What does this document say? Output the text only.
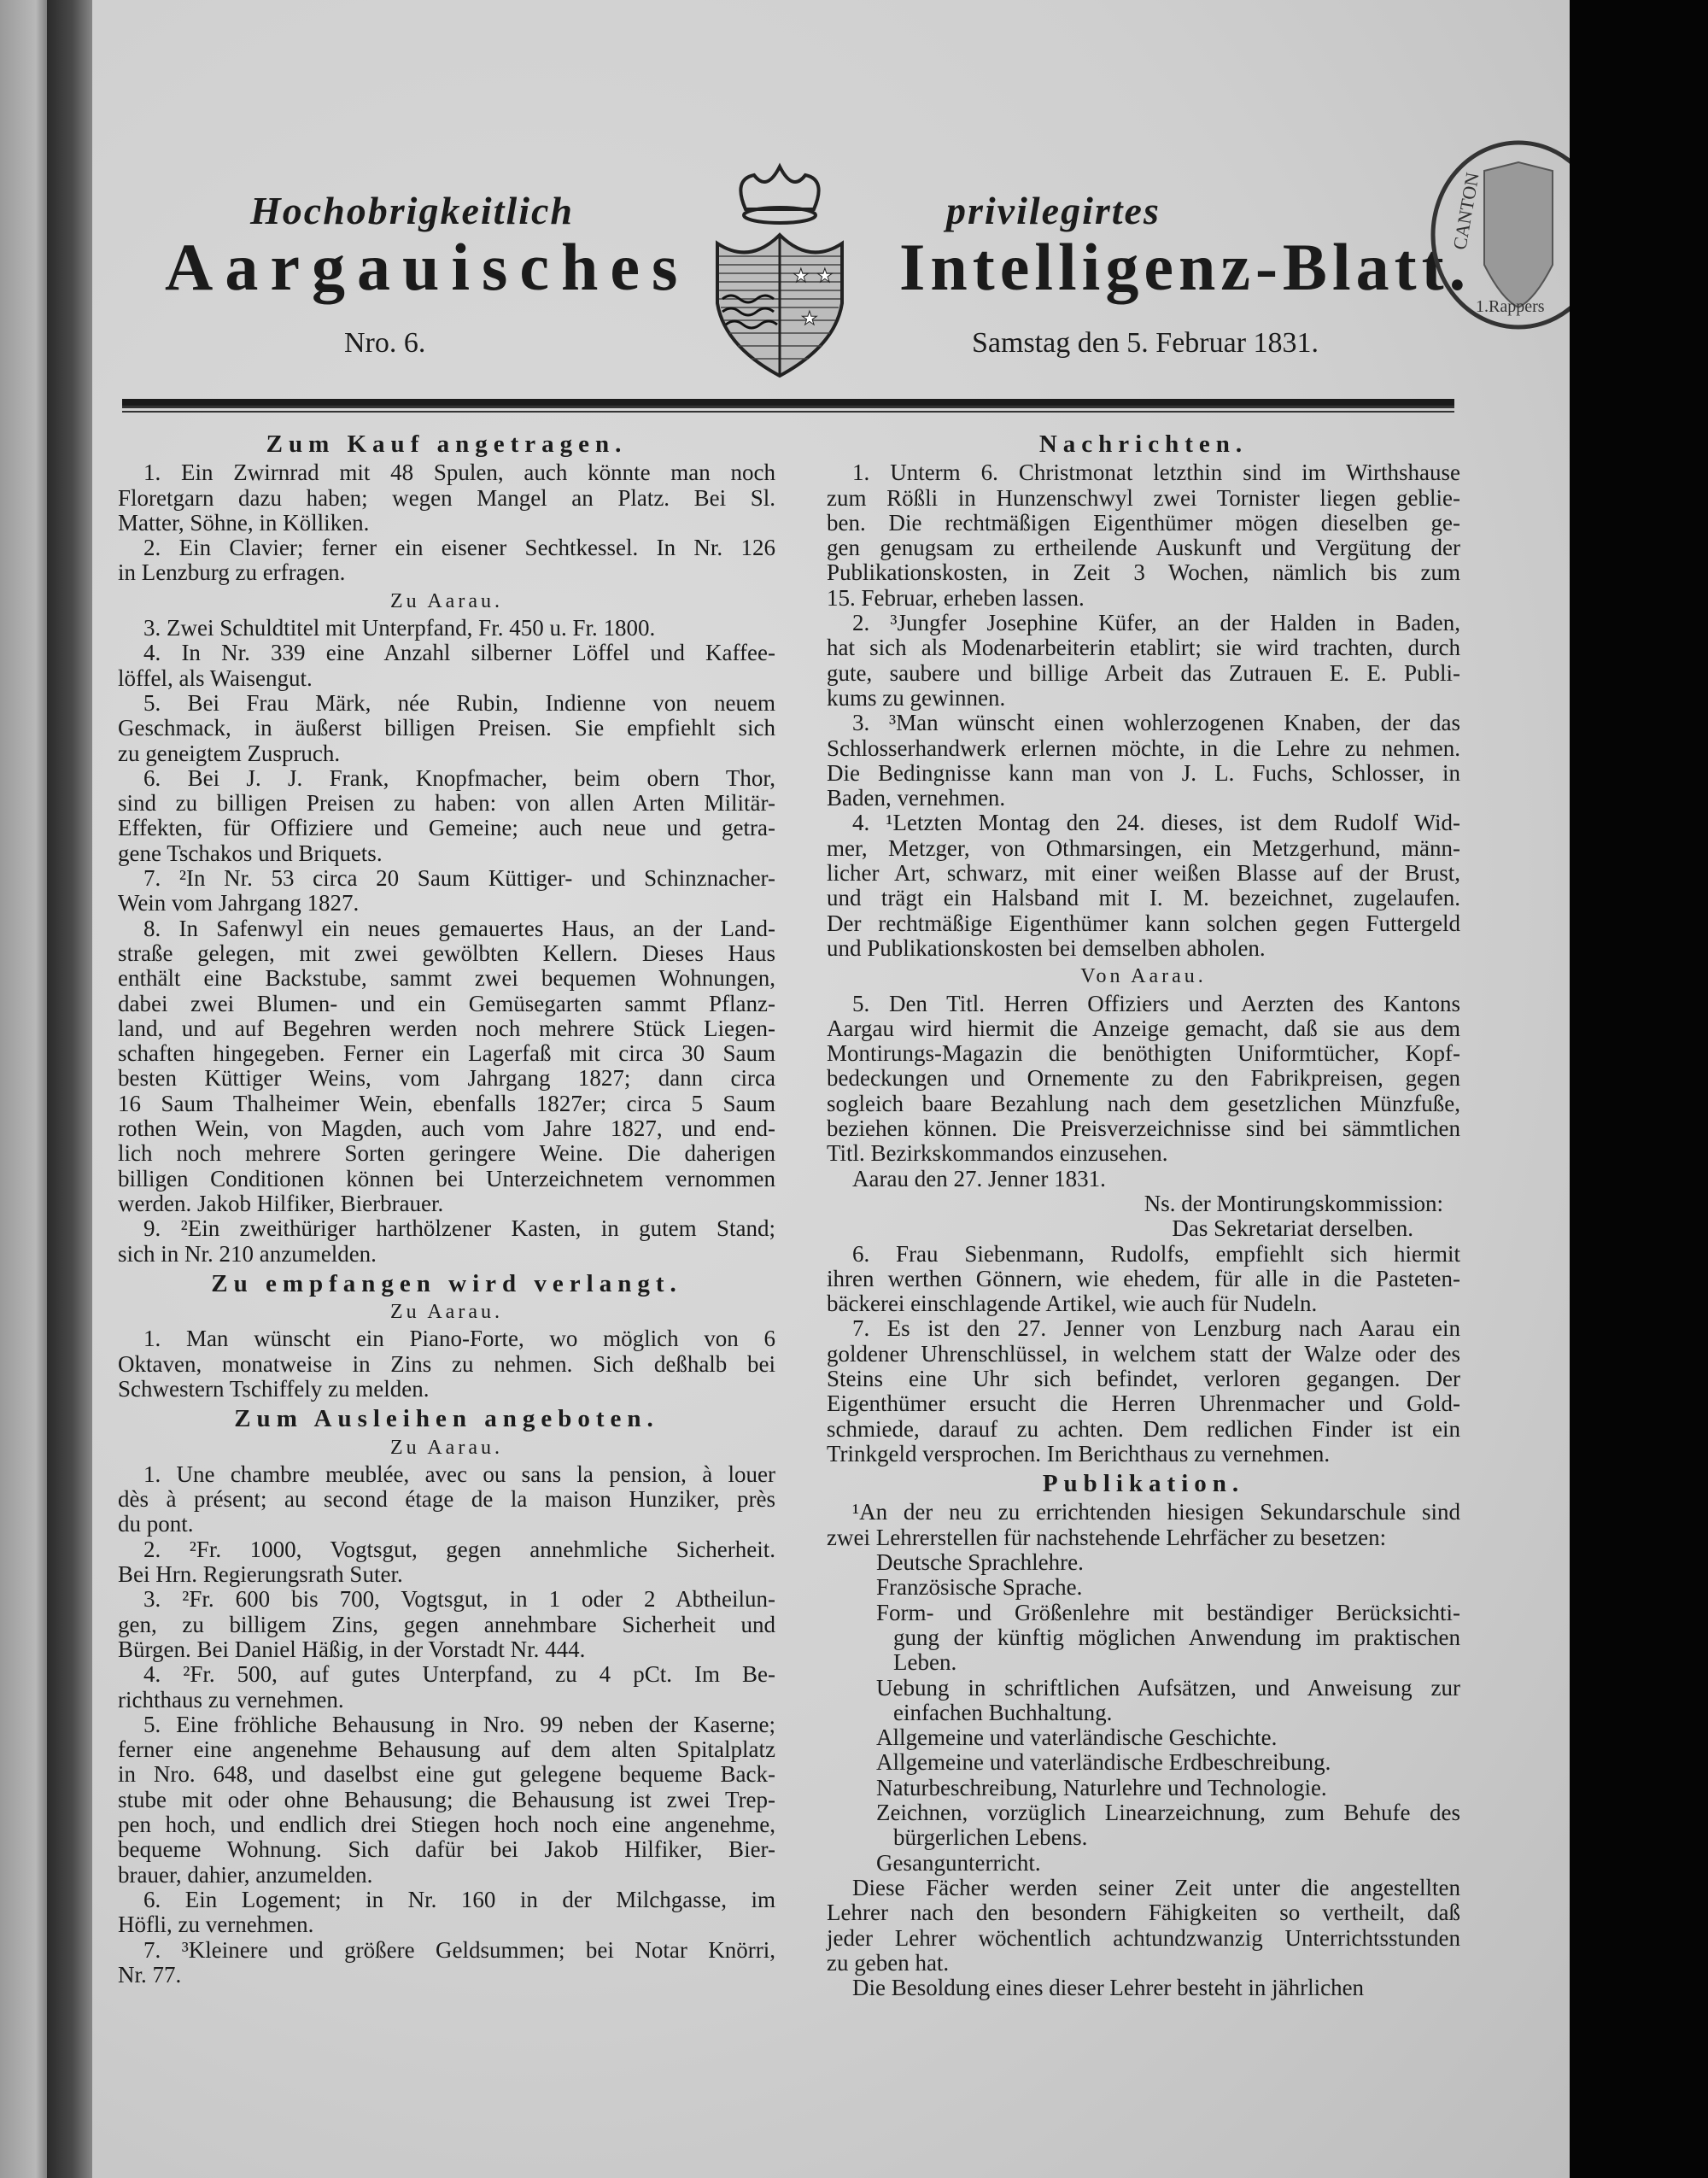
Hochobrigkeitlich
Aargauisches
privilegirtes
Intelligenz-Blatt.
Nro. 6.	Samstag den 5. Februar 1831.
★ ★
★
CANTON
1.Rappers
Zum Kauf angetragen.
1. Ein Zwirnrad mit 48 Spulen, auch könnte man noch
Floretgarn dazu haben; wegen Mangel an Platz. Bei Sl.
Matter, Söhne, in Kölliken.
2. Ein Clavier; ferner ein eisener Sechtkessel. In Nr. 126
in Lenzburg zu erfragen.
Zu Aarau.
3. Zwei Schuldtitel mit Unterpfand, Fr. 450 u. Fr. 1800.
4. In Nr. 339 eine Anzahl silberner Löffel und Kaffee-
löffel, als Waisengut.
5. Bei Frau Märk, née Rubin, Indienne von neuem
Geschmack, in äußerst billigen Preisen. Sie empfiehlt sich
zu geneigtem Zuspruch.
6. Bei J. J. Frank, Knopfmacher, beim obern Thor,
sind zu billigen Preisen zu haben: von allen Arten Militär-
Effekten, für Offiziere und Gemeine; auch neue und getra-
gene Tschakos und Briquets.
7. ²In Nr. 53 circa 20 Saum Küttiger- und Schinznacher-
Wein vom Jahrgang 1827.
8. In Safenwyl ein neues gemauertes Haus, an der Land-
straße gelegen, mit zwei gewölbten Kellern. Dieses Haus
enthält eine Backstube, sammt zwei bequemen Wohnungen,
dabei zwei Blumen- und ein Gemüsegarten sammt Pflanz-
land, und auf Begehren werden noch mehrere Stück Liegen-
schaften hingegeben. Ferner ein Lagerfaß mit circa 30 Saum
besten Küttiger Weins, vom Jahrgang 1827; dann circa
16 Saum Thalheimer Wein, ebenfalls 1827er; circa 5 Saum
rothen Wein, von Magden, auch vom Jahre 1827, und end-
lich noch mehrere Sorten geringere Weine. Die daherigen
billigen Conditionen können bei Unterzeichnetem vernommen
werden. Jakob Hilfiker, Bierbrauer.
9. ²Ein zweithüriger harthölzener Kasten, in gutem Stand;
sich in Nr. 210 anzumelden.
Zu empfangen wird verlangt.
Zu Aarau.
1. Man wünscht ein Piano-Forte, wo möglich von 6
Oktaven, monatweise in Zins zu nehmen. Sich deßhalb bei
Schwestern Tschiffely zu melden.
Zum Ausleihen angeboten.
Zu Aarau.
1. Une chambre meublée, avec ou sans la pension, à louer
dès à présent; au second étage de la maison Hunziker, près
du pont.
2. ²Fr. 1000, Vogtsgut, gegen annehmliche Sicherheit.
Bei Hrn. Regierungsrath Suter.
3. ²Fr. 600 bis 700, Vogtsgut, in 1 oder 2 Abtheilun-
gen, zu billigem Zins, gegen annehmbare Sicherheit und
Bürgen. Bei Daniel Häßig, in der Vorstadt Nr. 444.
4. ²Fr. 500, auf gutes Unterpfand, zu 4 pCt. Im Be-
richthaus zu vernehmen.
5. Eine fröhliche Behausung in Nro. 99 neben der Kaserne;
ferner eine angenehme Behausung auf dem alten Spitalplatz
in Nro. 648, und daselbst eine gut gelegene bequeme Back-
stube mit oder ohne Behausung; die Behausung ist zwei Trep-
pen hoch, und endlich drei Stiegen hoch noch eine angenehme,
bequeme Wohnung. Sich dafür bei Jakob Hilfiker, Bier-
brauer, dahier, anzumelden.
6. Ein Logement; in Nr. 160 in der Milchgasse, im
Höfli, zu vernehmen.
7. ³Kleinere und größere Geldsummen; bei Notar Knörri,
Nr. 77.
Nachrichten.
1. Unterm 6. Christmonat letzthin sind im Wirthshause
zum Rößli in Hunzenschwyl zwei Tornister liegen geblie-
ben. Die rechtmäßigen Eigenthümer mögen dieselben ge-
gen genugsam zu ertheilende Auskunft und Vergütung der
Publikationskosten, in Zeit 3 Wochen, nämlich bis zum
15. Februar, erheben lassen.
2. ³Jungfer Josephine Küfer, an der Halden in Baden,
hat sich als Modenarbeiterin etablirt; sie wird trachten, durch
gute, saubere und billige Arbeit das Zutrauen E. E. Publi-
kums zu gewinnen.
3. ³Man wünscht einen wohlerzogenen Knaben, der das
Schlosserhandwerk erlernen möchte, in die Lehre zu nehmen.
Die Bedingnisse kann man von J. L. Fuchs, Schlosser, in
Baden, vernehmen.
4. ¹Letzten Montag den 24. dieses, ist dem Rudolf Wid-
mer, Metzger, von Othmarsingen, ein Metzgerhund, männ-
licher Art, schwarz, mit einer weißen Blasse auf der Brust,
und trägt ein Halsband mit I. M. bezeichnet, zugelaufen.
Der rechtmäßige Eigenthümer kann solchen gegen Futtergeld
und Publikationskosten bei demselben abholen.
Von Aarau.
5. Den Titl. Herren Offiziers und Aerzten des Kantons
Aargau wird hiermit die Anzeige gemacht, daß sie aus dem
Montirungs-Magazin die benöthigten Uniformtücher, Kopf-
bedeckungen und Ornemente zu den Fabrikpreisen, gegen
sogleich baare Bezahlung nach dem gesetzlichen Münzfuße,
beziehen können. Die Preisverzeichnisse sind bei sämmtlichen
Titl. Bezirkskommandos einzusehen.
Aarau den 27. Jenner 1831.
Ns. der Montirungskommission:
Das Sekretariat derselben.
6. Frau Siebenmann, Rudolfs, empfiehlt sich hiermit
ihren werthen Gönnern, wie ehedem, für alle in die Pasteten-
bäckerei einschlagende Artikel, wie auch für Nudeln.
7. Es ist den 27. Jenner von Lenzburg nach Aarau ein
goldener Uhrenschlüssel, in welchem statt der Walze oder des
Steins eine Uhr sich befindet, verloren gegangen. Der
Eigenthümer ersucht die Herren Uhrenmacher und Gold-
schmiede, darauf zu achten. Dem redlichen Finder ist ein
Trinkgeld versprochen. Im Berichthaus zu vernehmen.
Publikation.
¹An der neu zu errichtenden hiesigen Sekundarschule sind
zwei Lehrerstellen für nachstehende Lehrfächer zu besetzen:
Deutsche Sprachlehre.
Französische Sprache.
Form- und Größenlehre mit beständiger Berücksichti-
gung der künftig möglichen Anwendung im praktischen
Leben.
Uebung in schriftlichen Aufsätzen, und Anweisung zur
einfachen Buchhaltung.
Allgemeine und vaterländische Geschichte.
Allgemeine und vaterländische Erdbeschreibung.
Naturbeschreibung, Naturlehre und Technologie.
Zeichnen, vorzüglich Linearzeichnung, zum Behufe des
bürgerlichen Lebens.
Gesangunterricht.
Diese Fächer werden seiner Zeit unter die angestellten
Lehrer nach den besondern Fähigkeiten so vertheilt, daß
jeder Lehrer wöchentlich achtundzwanzig Unterrichtsstunden
zu geben hat.
Die Besoldung eines dieser Lehrer besteht in jährlichen
